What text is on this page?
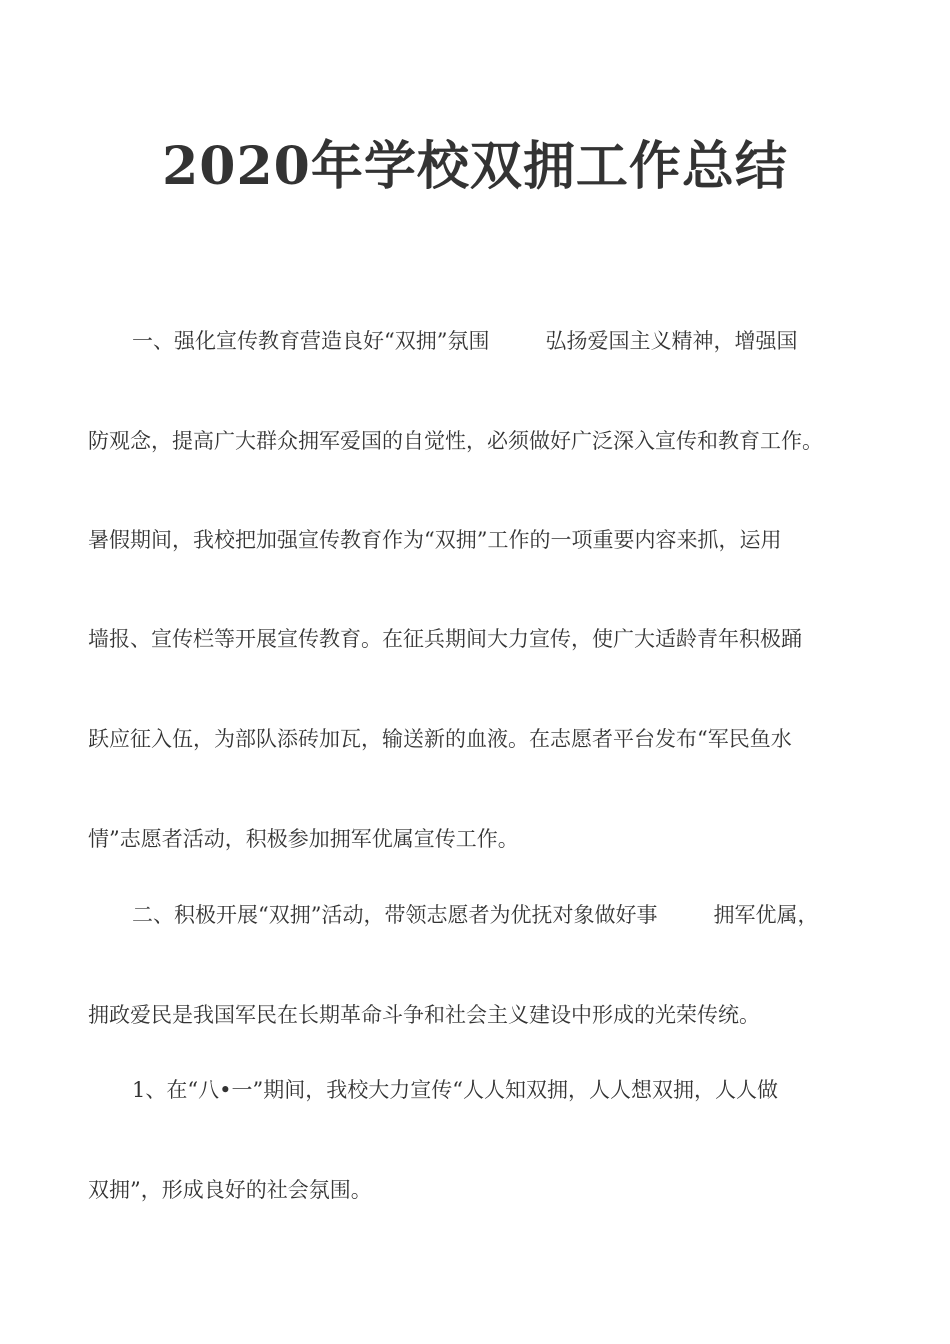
2020年学校双拥工作总结
一、强化宣传教育营造良好“双拥”氛围	弘扬爱国主义精神，增强国
防观念，提高广大群众拥军爱国的自觉性，必须做好广泛深入宣传和教育工作。
暑假期间，我校把加强宣传教育作为“双拥”工作的一项重要内容来抓，运用
墙报、宣传栏等开展宣传教育。在征兵期间大力宣传，使广大适龄青年积极踊
跃应征入伍，为部队添砖加瓦，输送新的血液。在志愿者平台发布“军民鱼水
情”志愿者活动，积极参加拥军优属宣传工作。
二、积极开展“双拥”活动，带领志愿者为优抚对象做好事	拥军优属，
拥政爱民是我国军民在长期革命斗争和社会主义建设中形成的光荣传统。
1、在“八•一”期间，我校大力宣传“人人知双拥，人人想双拥，人人做
双拥”，形成良好的社会氛围。
